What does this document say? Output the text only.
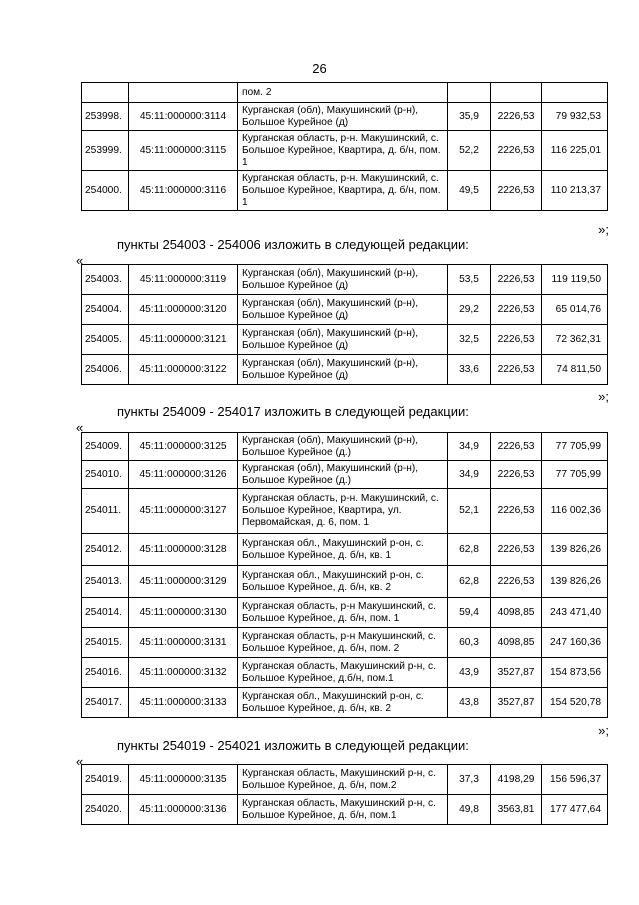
26
		пом. 2			
253998.	45:11:000000:3114	Курганская (обл), Макушинский (р-н), Большое Курейное (д)	35,9	2226,53	79 932,53
253999.	45:11:000000:3115	Курганская область, р-н. Макушинский, с. Большое Курейное, Квартира, д. б/н, пом. 1	52,2	2226,53	116 225,01
254000.	45:11:000000:3116	Курганская область, р-н. Макушинский, с. Большое Курейное, Квартира, д. б/н, пом. 1	49,5	2226,53	110 213,37
»;
пункты 254003 - 254006 изложить в следующей редакции:
«
254003.	45:11:000000:3119	Курганская (обл), Макушинский (р-н), Большое Курейное (д)	53,5	2226,53	119 119,50
254004.	45:11:000000:3120	Курганская (обл), Макушинский (р-н), Большое Курейное (д)	29,2	2226,53	65 014,76
254005.	45:11:000000:3121	Курганская (обл), Макушинский (р-н), Большое Курейное (д)	32,5	2226,53	72 362,31
254006.	45:11:000000:3122	Курганская (обл), Макушинский (р-н), Большое Курейное (д)	33,6	2226,53	74 811,50
»;
пункты 254009 - 254017 изложить в следующей редакции:
«
254009.	45:11:000000:3125	Курганская (обл), Макушинский (р-н), Большое Курейное (д.)	34,9	2226,53	77 705,99
254010.	45:11:000000:3126	Курганская (обл), Макушинский (р-н), Большое Курейное (д.)	34,9	2226,53	77 705,99
254011.	45:11:000000:3127	Курганская область, р-н. Макушинский, с. Большое Курейное, Квартира, ул. Первомайская, д. 6, пом. 1	52,1	2226,53	116 002,36
254012.	45:11:000000:3128	Курганская обл., Макушинский р-он, с. Большое Курейное, д. б/н, кв. 1	62,8	2226,53	139 826,26
254013.	45:11:000000:3129	Курганская обл., Макушинский р-он, с. Большое Курейное, д. б/н, кв. 2	62,8	2226,53	139 826,26
254014.	45:11:000000:3130	Курганская область, р-н Макушинский, с. Большое Курейное, д. б/н, пом. 1	59,4	4098,85	243 471,40
254015.	45:11:000000:3131	Курганская область, р-н Макушинский, с. Большое Курейное, д. б/н, пом. 2	60,3	4098,85	247 160,36
254016.	45:11:000000:3132	Курганская область, Макушинский р-н, с. Большое Курейное, д.б/н, пом.1	43,9	3527,87	154 873,56
254017.	45:11:000000:3133	Курганская обл., Макушинский р-он, с. Большое Курейное, д. б/н, кв. 2	43,8	3527,87	154 520,78
»;
пункты 254019 - 254021 изложить в следующей редакции:
«
254019.	45:11:000000:3135	Курганская область, Макушинский р-н, с. Большое Курейное, д. б/н, пом.2	37,3	4198,29	156 596,37
254020.	45:11:000000:3136	Курганская область, Макушинский р-н, с. Большое Курейное, д. б/н, пом.1	49,8	3563,81	177 477,64
